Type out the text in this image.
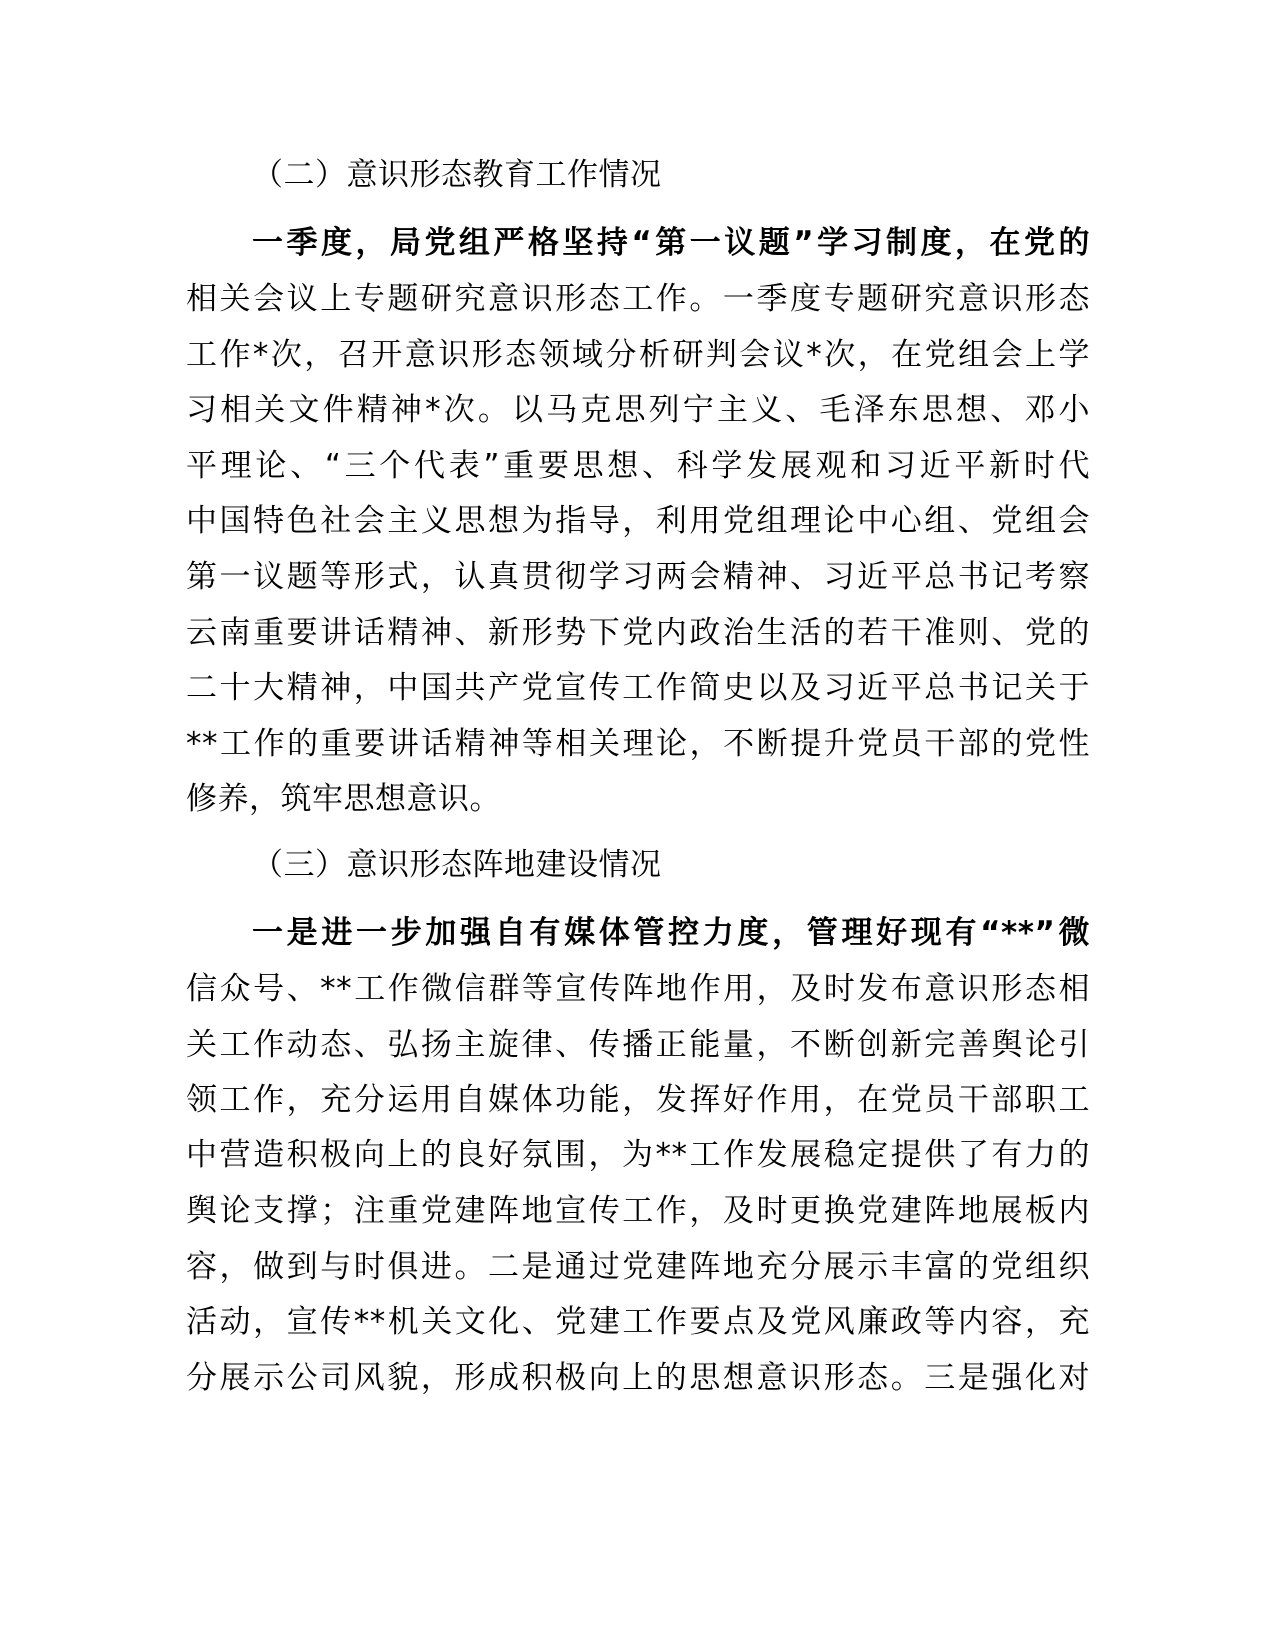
（二）意识形态教育工作情况
一季度，局党组严格坚持“第一议题”学习制度，在党的
相关会议上专题研究意识形态工作。一季度专题研究意识形态
工作*次，召开意识形态领域分析研判会议*次，在党组会上学
习相关文件精神*次。以马克思列宁主义、毛泽东思想、邓小
平理论、“三个代表”重要思想、科学发展观和习近平新时代
中国特色社会主义思想为指导，利用党组理论中心组、党组会
第一议题等形式，认真贯彻学习两会精神、习近平总书记考察
云南重要讲话精神、新形势下党内政治生活的若干准则、党的
二十大精神，中国共产党宣传工作简史以及习近平总书记关于
**工作的重要讲话精神等相关理论，不断提升党员干部的党性
修养，筑牢思想意识。
（三）意识形态阵地建设情况
一是进一步加强自有媒体管控力度，管理好现有“**”微
信众号、**工作微信群等宣传阵地作用，及时发布意识形态相
关工作动态、弘扬主旋律、传播正能量，不断创新完善舆论引
领工作，充分运用自媒体功能，发挥好作用，在党员干部职工
中营造积极向上的良好氛围，为**工作发展稳定提供了有力的
舆论支撑；注重党建阵地宣传工作，及时更换党建阵地展板内
容，做到与时俱进。二是通过党建阵地充分展示丰富的党组织
活动，宣传**机关文化、党建工作要点及党风廉政等内容，充
分展示公司风貌，形成积极向上的思想意识形态。三是强化对
